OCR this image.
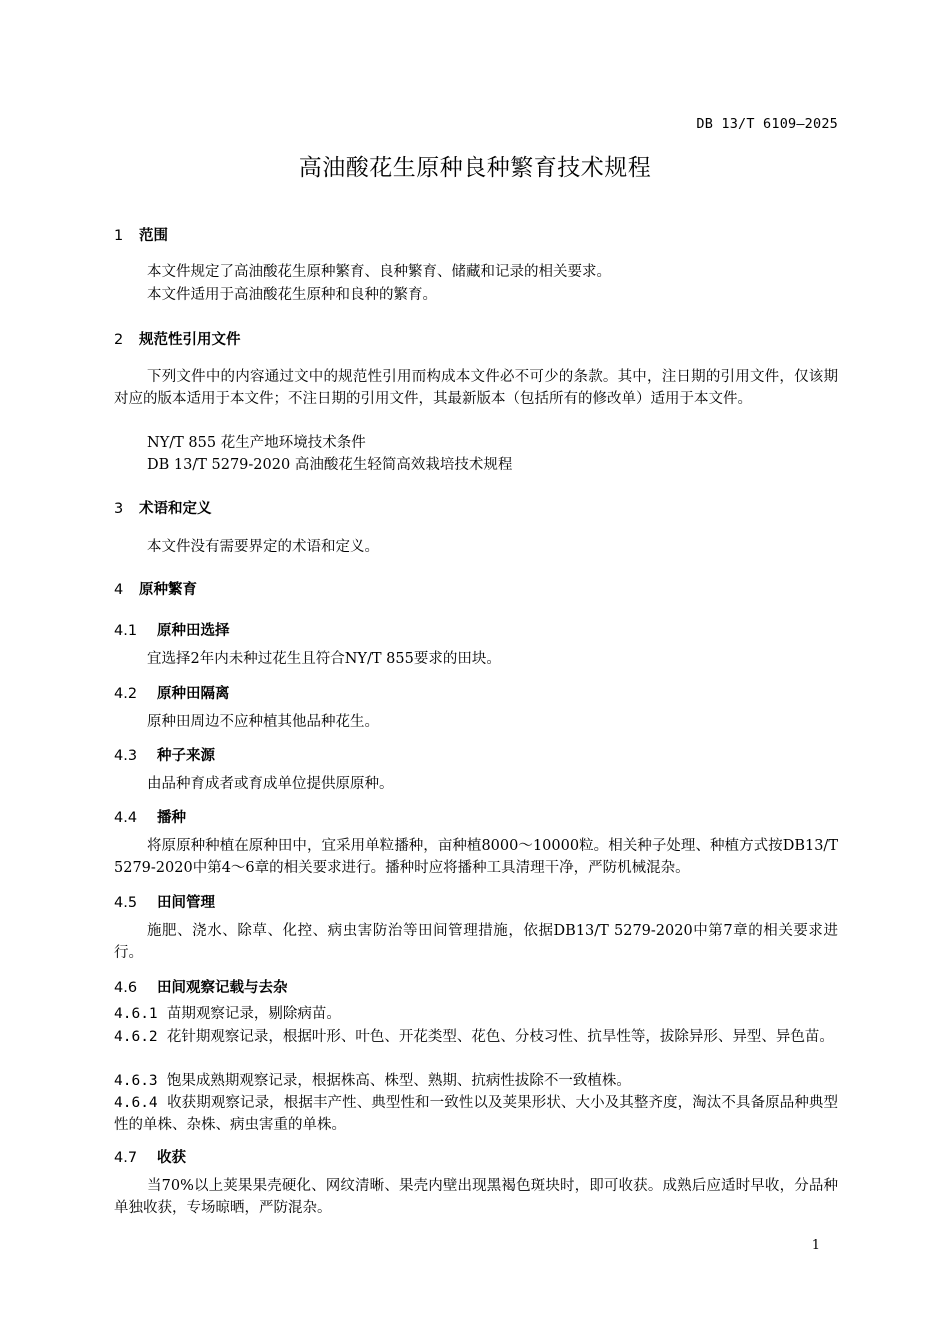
DB 13/T 6109—2025
高油酸花生原种良种繁育技术规程
1 范围
本文件规定了高油酸花生原种繁育、良种繁育、储藏和记录的相关要求。
本文件适用于高油酸花生原种和良种的繁育。
2 规范性引用文件
下列文件中的内容通过文中的规范性引用而构成本文件必不可少的条款。其中，注日期的引用文件，仅该期对应的版本适用于本文件；不注日期的引用文件，其最新版本（包括所有的修改单）适用于本文件。
NY/T 855 花生产地环境技术条件
DB 13/T 5279-2020 高油酸花生轻简高效栽培技术规程
3 术语和定义
本文件没有需要界定的术语和定义。
4 原种繁育
4.1 原种田选择
宜选择2年内未种过花生且符合NY/T 855要求的田块。
4.2 原种田隔离
原种田周边不应种植其他品种花生。
4.3 种子来源
由品种育成者或育成单位提供原原种。
4.4 播种
将原原种种植在原种田中，宜采用单粒播种，亩种植8000～10000粒。相关种子处理、种植方式按DB13/T 5279-2020中第4～6章的相关要求进行。播种时应将播种工具清理干净，严防机械混杂。
4.5 田间管理
施肥、浇水、除草、化控、病虫害防治等田间管理措施，依据DB13/T 5279-2020中第7章的相关要求进行。
4.6 田间观察记载与去杂
4.6.1 苗期观察记录，剔除病苗。
4.6.2 花针期观察记录，根据叶形、叶色、开花类型、花色、分枝习性、抗旱性等，拔除异形、异型、异色苗。
4.6.3 饱果成熟期观察记录，根据株高、株型、熟期、抗病性拔除不一致植株。
4.6.4 收获期观察记录，根据丰产性、典型性和一致性以及荚果形状、大小及其整齐度，淘汰不具备原品种典型性的单株、杂株、病虫害重的单株。
4.7 收获
当70%以上荚果果壳硬化、网纹清晰、果壳内壁出现黑褐色斑块时，即可收获。成熟后应适时早收，分品种单独收获，专场晾晒，严防混杂。
1
